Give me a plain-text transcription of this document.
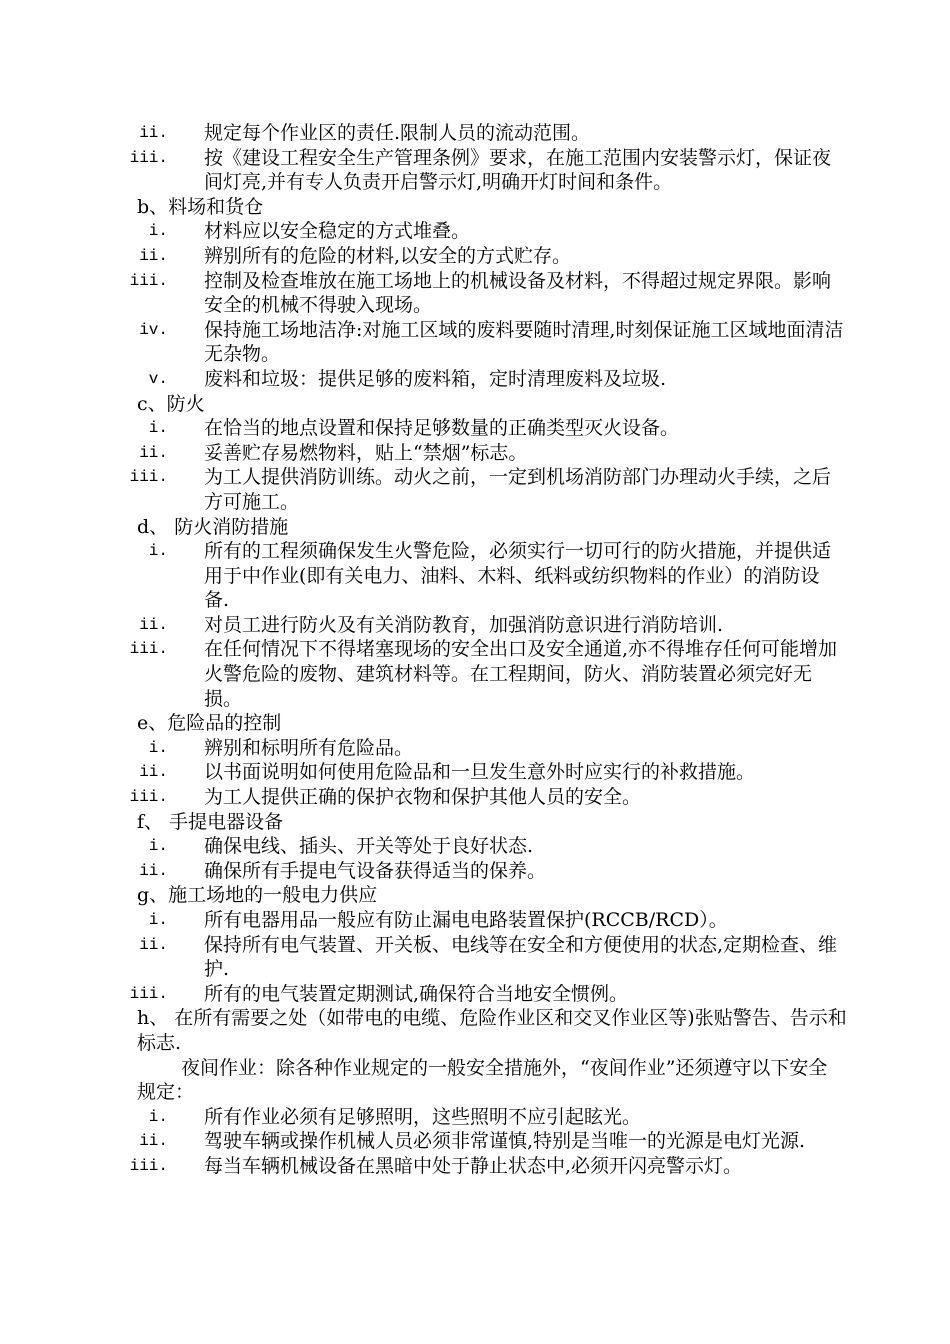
ii. 规定每个作业区的责任.限制人员的流动范围。
iii. 按《建设工程安全生产管理条例》要求，在施工范围内安装警示灯，保证夜间灯亮,并有专人负责开启警示灯,明确开灯时间和条件。
b、料场和货仓
i. 材料应以安全稳定的方式堆叠。
ii. 辨别所有的危险的材料,以安全的方式贮存。
iii. 控制及检查堆放在施工场地上的机械设备及材料，不得超过规定界限。影响安全的机械不得驶入现场。
iv. 保持施工场地洁净:对施工区域的废料要随时清理,时刻保证施工区域地面清洁无杂物。
v. 废料和垃圾：提供足够的废料箱，定时清理废料及垃圾.
c、防火
i. 在恰当的地点设置和保持足够数量的正确类型灭火设备。
ii. 妥善贮存易燃物料，贴上“禁烟”标志。
iii. 为工人提供消防训练。动火之前，一定到机场消防部门办理动火手续，之后方可施工。
d、 防火消防措施
i. 所有的工程须确保发生火警危险，必须实行一切可行的防火措施，并提供适用于中作业(即有关电力、油料、木料、纸料或纺织物料的作业）的消防设备.
ii. 对员工进行防火及有关消防教育，加强消防意识进行消防培训.
iii. 在任何情况下不得堵塞现场的安全出口及安全通道,亦不得堆存任何可能增加火警危险的废物、建筑材料等。在工程期间，防火、消防装置必须完好无损。
e、危险品的控制
i. 辨别和标明所有危险品。
ii. 以书面说明如何使用危险品和一旦发生意外时应实行的补救措施。
iii. 为工人提供正确的保护衣物和保护其他人员的安全。
f、 手提电器设备
i. 确保电线、插头、开关等处于良好状态.
ii. 确保所有手提电气设备获得适当的保养。
g、施工场地的一般电力供应
i. 所有电器用品一般应有防止漏电电路装置保护(RCCB/RCD）。
ii. 保持所有电气装置、开关板、电线等在安全和方便使用的状态,定期检查、维护.
iii. 所有的电气装置定期测试,确保符合当地安全惯例。
h、 在所有需要之处（如带电的电缆、危险作业区和交叉作业区等)张贴警告、告示和标志.
夜间作业：除各种作业规定的一般安全措施外，“夜间作业”还须遵守以下安全规定：
i. 所有作业必须有足够照明，这些照明不应引起眩光。
ii. 驾驶车辆或操作机械人员必须非常谨慎,特别是当唯一的光源是电灯光源.
iii. 每当车辆机械设备在黑暗中处于静止状态中,必须开闪亮警示灯。
